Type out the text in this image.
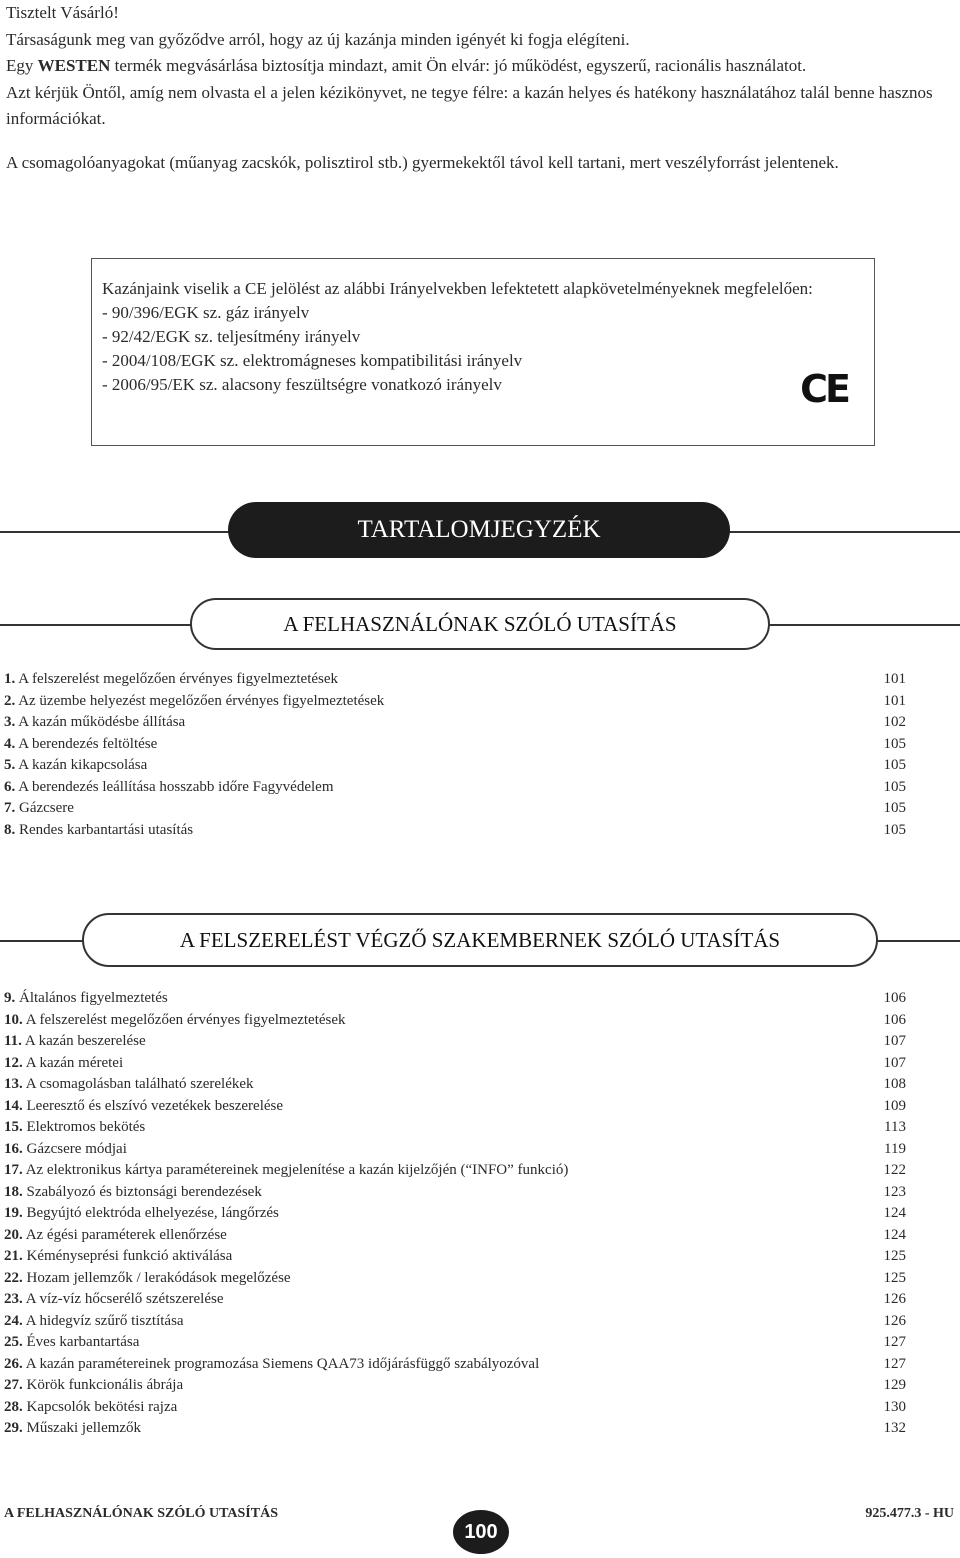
Tisztelt Vásárló!

Társaságunk meg van győződve arról, hogy az új kazánja minden igényét ki fogja elégíteni.

Egy WESTEN termék megvásárlása biztosítja mindazt, amit Ön elvár: jó működést, egyszerű, racionális használatot.

Azt kérjük Öntől, amíg nem olvasta el a jelen kézikönyvet, ne tegye félre: a kazán helyes és hatékony használatához talál benne hasznos információkat.

A csomagolóanyagokat (műanyag zacskók, polisztirol stb.) gyermekektől távol kell tartani, mert veszélyforrást jelentenek.

Kazánjaink viselik a CE jelölést az alábbi Irányelvekben lefektetett alapkövetelményeknek megfelelően:
- 90/396/EGK sz. gáz irányelv
- 92/42/EGK sz. teljesítmény irányelv
- 2004/108/EGK sz. elektromágneses kompatibilitási irányelv
- 2006/95/EK sz. alacsony feszültségre vonatkozó irányelv	CE
TARTALOMJEGYZÉK
A FELHASZNÁLÓNAK SZÓLÓ UTASÍTÁS
1. A felszerelést megelőzően érvényes figyelmeztetések	101
2. Az üzembe helyezést megelőzően érvényes figyelmeztetések	101
3. A kazán működésbe állítása	102
4. A berendezés feltöltése	105
5. A kazán kikapcsolása	105
6. A berendezés leállítása hosszabb időre Fagyvédelem	105
7. Gázcsere	105
8. Rendes karbantartási utasítás	105
A FELSZERELÉST VÉGZŐ SZAKEMBERNEK SZÓLÓ UTASÍTÁS
9. Általános figyelmeztetés	106
10. A felszerelést megelőzően érvényes figyelmeztetések	106
11. A kazán beszerelése	107
12. A kazán méretei	107
13. A csomagolásban található szerelékek	108
14. Leeresztő és elszívó vezetékek beszerelése	109
15. Elektromos bekötés	113
16. Gázcsere módjai	119
17. Az elektronikus kártya paramétereinek megjelenítése a kazán kijelzőjén (“INFO” funkció)	122
18. Szabályozó és biztonsági berendezések	123
19. Begyújtó elektróda elhelyezése, lángőrzés	124
20. Az égési paraméterek ellenőrzése	124
21. Kéményseprési funkció aktiválása	125
22. Hozam jellemzők / lerakódások megelőzése	125
23. A víz-víz hőcserélő szétszerelése	126
24. A hidegvíz szűrő tisztítása	126
25. Éves karbantartása	127
26. A kazán paramétereinek programozása Siemens QAA73 időjárásfüggő szabályozóval	127
27. Körök funkcionális ábrája	129
28. Kapcsolók bekötési rajza	130
29. Műszaki jellemzők	132
A FELHASZNÁLÓNAK SZÓLÓ UTASÍTÁS
100
925.477.3 - HU
